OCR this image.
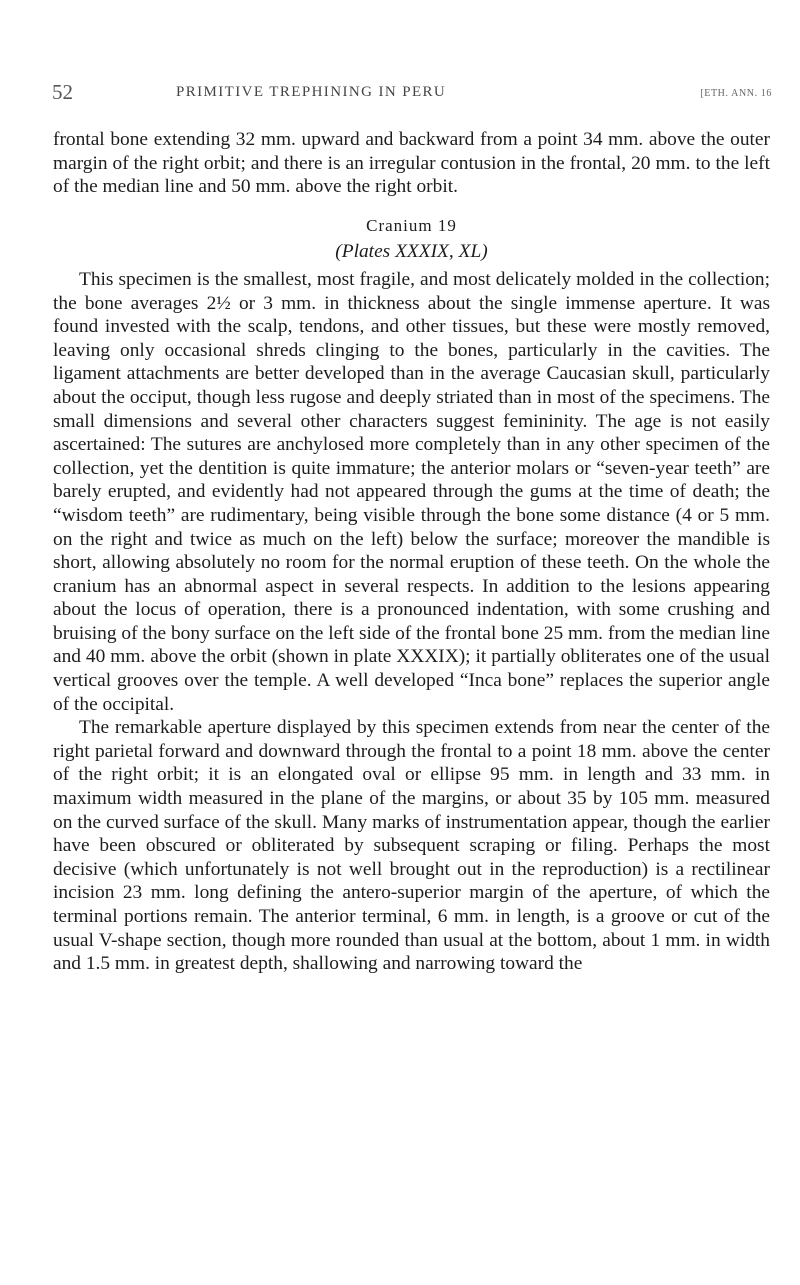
52	PRIMITIVE TREPHINING IN PERU	[ETH. ANN. 16

frontal bone extending 32 mm. upward and backward from a point 34 mm. above the outer margin of the right orbit; and there is an irregular contusion in the frontal, 20 mm. to the left of the median line and 50 mm. above the right orbit.

Cranium 19

(Plates XXXIX, XL)

This specimen is the smallest, most fragile, and most delicately molded in the collection; the bone averages 2½ or 3 mm. in thickness about the single immense aperture. It was found invested with the scalp, tendons, and other tissues, but these were mostly removed, leaving only occasional shreds clinging to the bones, particularly in the cavities. The ligament attachments are better developed than in the average Caucasian skull, particularly about the occiput, though less rugose and deeply striated than in most of the specimens. The small dimensions and several other characters suggest femininity. The age is not easily ascertained: The sutures are anchylosed more completely than in any other specimen of the collection, yet the dentition is quite immature; the anterior molars or “seven-year teeth” are barely erupted, and evidently had not appeared through the gums at the time of death; the “wisdom teeth” are rudimentary, being visible through the bone some distance (4 or 5 mm. on the right and twice as much on the left) below the surface; moreover the mandible is short, allowing absolutely no room for the normal eruption of these teeth. On the whole the cranium has an abnormal aspect in several respects. In addition to the lesions appearing about the locus of operation, there is a pronounced indentation, with some crushing and bruising of the bony surface on the left side of the frontal bone 25 mm. from the median line and 40 mm. above the orbit (shown in plate XXXIX); it partially obliterates one of the usual vertical grooves over the temple. A well developed “Inca bone” replaces the superior angle of the occipital.

The remarkable aperture displayed by this specimen extends from near the center of the right parietal forward and downward through the frontal to a point 18 mm. above the center of the right orbit; it is an elongated oval or ellipse 95 mm. in length and 33 mm. in maximum width measured in the plane of the margins, or about 35 by 105 mm. measured on the curved surface of the skull. Many marks of instrumentation appear, though the earlier have been obscured or obliterated by subsequent scraping or filing. Perhaps the most decisive (which unfortunately is not well brought out in the reproduction) is a rectilinear incision 23 mm. long defining the antero-superior margin of the aperture, of which the terminal portions remain. The anterior terminal, 6 mm. in length, is a groove or cut of the usual V-shape section, though more rounded than usual at the bottom, about 1 mm. in width and 1.5 mm. in greatest depth, shallowing and narrowing toward the
